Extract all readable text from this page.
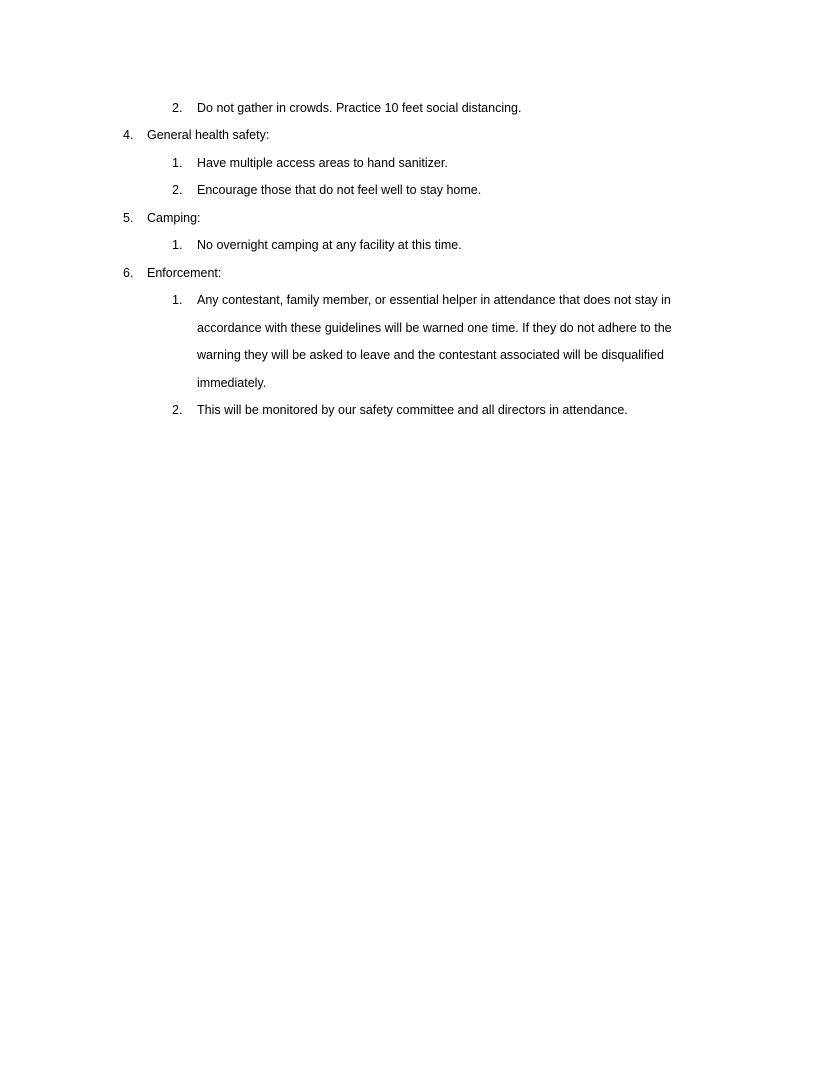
2. Do not gather in crowds. Practice 10 feet social distancing.
4. General health safety:
1. Have multiple access areas to hand sanitizer.
2. Encourage those that do not feel well to stay home.
5. Camping:
1. No overnight camping at any facility at this time.
6. Enforcement:
1. Any contestant, family member, or essential helper in attendance that does not stay in
accordance with these guidelines will be warned one time. If they do not adhere to the
warning they will be asked to leave and the contestant associated will be disqualified
immediately.
2. This will be monitored by our safety committee and all directors in attendance.
